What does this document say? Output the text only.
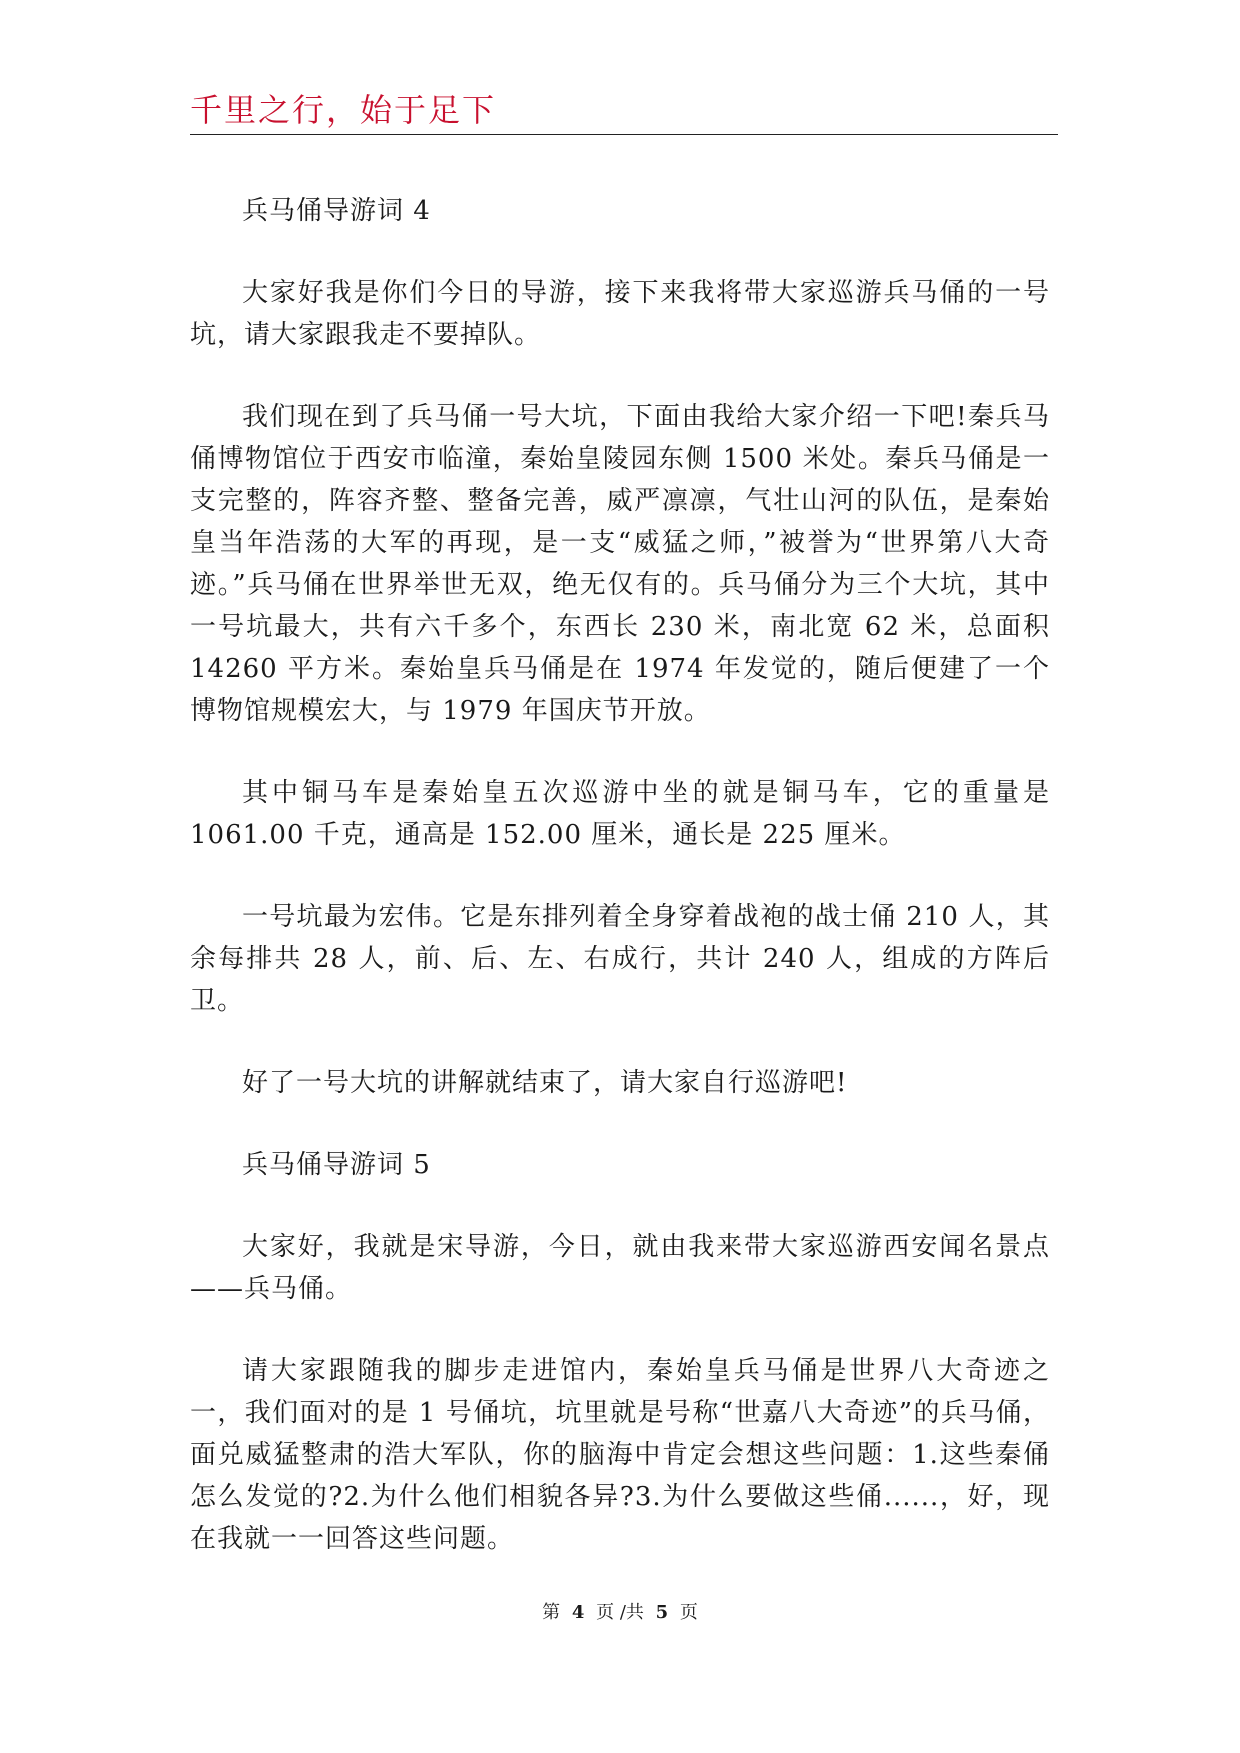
千里之行，始于足下

兵马俑导游词 4

大家好我是你们今日的导游，接下来我将带大家巡游兵马俑的一号坑，请大家跟我走不要掉队。

我们现在到了兵马俑一号大坑，下面由我给大家介绍一下吧!秦兵马俑博物馆位于西安市临潼，秦始皇陵园东侧 1500 米处。秦兵马俑是一支完整的，阵容齐整、整备完善，威严凛凛，气壮山河的队伍，是秦始皇当年浩荡的大军的再现，是一支“威猛之师，”被誉为“世界第八大奇迹。”兵马俑在世界举世无双，绝无仅有的。兵马俑分为三个大坑，其中一号坑最大，共有六千多个，东西长 230 米，南北宽 62 米，总面积 14260 平方米。秦始皇兵马俑是在 1974 年发觉的，随后便建了一个博物馆规模宏大，与 1979 年国庆节开放。

其中铜马车是秦始皇五次巡游中坐的就是铜马车，它的重量是 1061.00 千克，通高是 152.00 厘米，通长是 225 厘米。

一号坑最为宏伟。它是东排列着全身穿着战袍的战士俑 210 人，其余每排共 28 人，前、后、左、右成行，共计 240 人，组成的方阵后卫。

好了一号大坑的讲解就结束了，请大家自行巡游吧!

兵马俑导游词 5

大家好，我就是宋导游，今日，就由我来带大家巡游西安闻名景点——兵马俑。

请大家跟随我的脚步走进馆内，秦始皇兵马俑是世界八大奇迹之一，我们面对的是 1 号俑坑，坑里就是号称“世嘉八大奇迹”的兵马俑，面兑威猛整肃的浩大军队，你的脑海中肯定会想这些问题：1.这些秦俑怎么发觉的?2.为什么他们相貌各异?3.为什么要做这些俑......，好，现在我就一一回答这些问题。

第 4 页 /共 5 页
